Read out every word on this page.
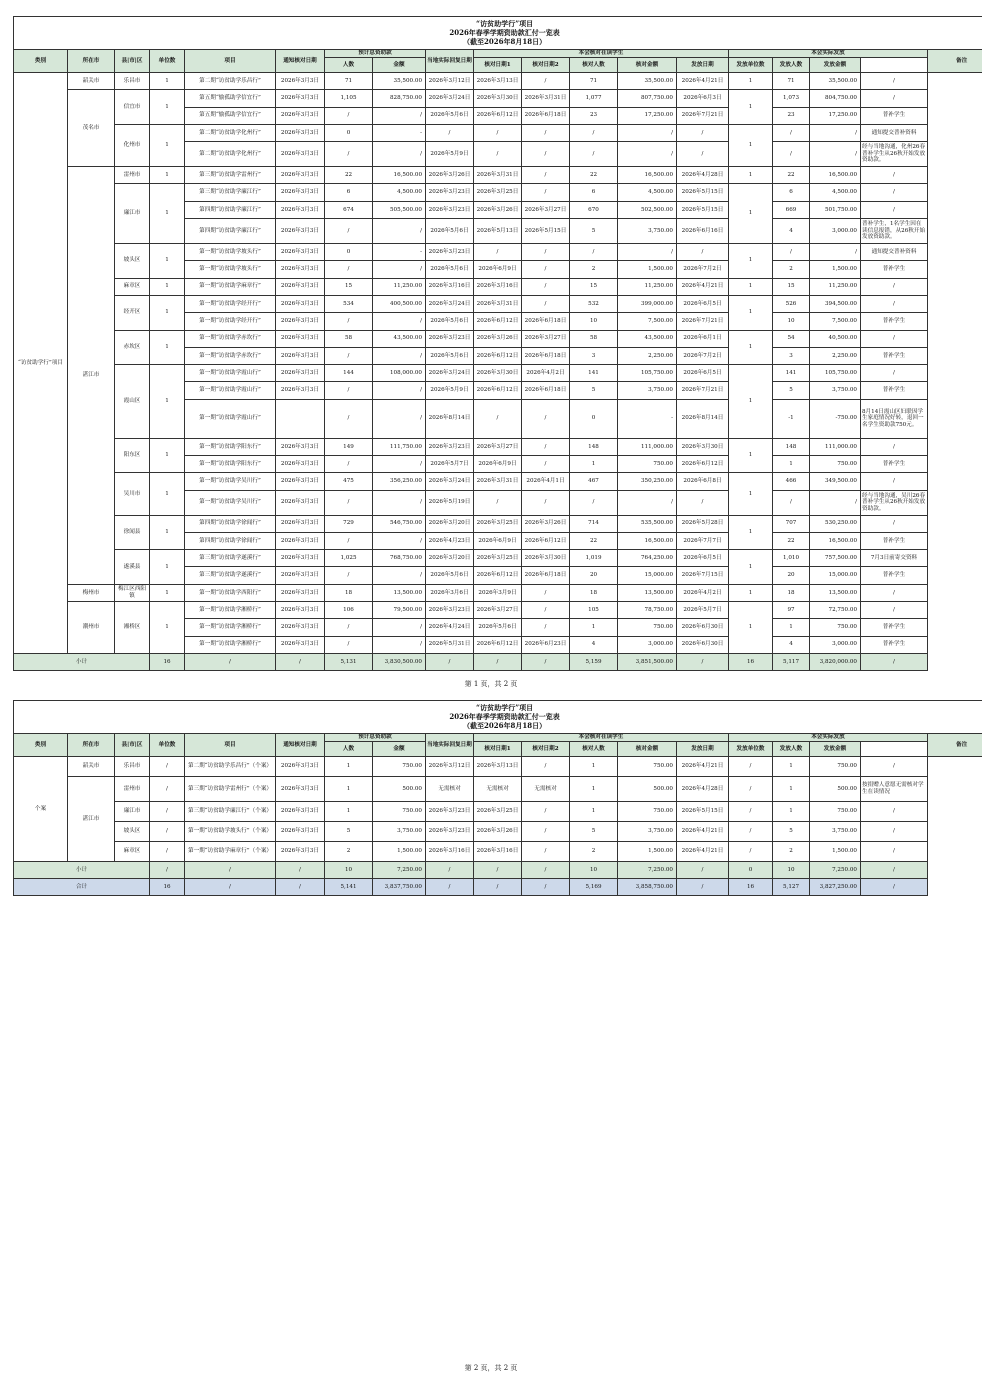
“访贫助学行”项目
2026年春季学期资助款汇付一览表
（截至2026年8月18日）																		

类别	所在市	县|市|区	单位数	项目	通知核对日期	预计总资助款		当地实际回复日期	本会核对在读学生					本会实际发放				备注
						人数	金额		核对日期1	核对日期2	核对人数	核对金额	发放日期	发放单位数	发放人数	发放金额		
“访贫助学行”项目	韶关市	乐昌市	1	第二期“访贫助学乐昌行”	2026年3月3日	71	35,500.00	2026年3月12日	2026年3月13日	/	71	35,500.00	2026年4月21日	1	71	35,500.00	/	
	茂名市	信宜市	1	第五期“愉孤助学信宜行”	2026年3月3日	1,105	828,750.00	2026年3月24日	2026年3月30日	2026年3月31日	1,077	807,750.00	2026年6月3日	1	1,073	804,750.00	/	
				第五期“愉孤助学信宜行”	2026年3月3日	/	/	2026年5月6日	2026年6月12日	2026年6月18日	23	17,250.00	2026年7月21日		23	17,250.00	普补学生	
		化州市	1	第二期“访贫助学化州行”	2026年3月3日	0	-	/	/	/	/	/	/	1	/	/	通知提交普补资料	
				第二期“访贫助学化州行”	2026年3月3日	/	/	2026年5月9日	/	/	/	/	/		/	/	经与当地沟通，化州26春普补学生从26秋开始发放资助款。	
	湛江市	雷州市	1	第三期“访贫助学雷州行”	2026年3月3日	22	16,500.00	2026年3月26日	2026年3月31日	/	22	16,500.00	2026年4月28日	1	22	16,500.00	/	
		廉江市	1	第三期“访贫助学廉江行”	2026年3月3日	6	4,500.00	2026年3月23日	2026年3月25日	/	6	4,500.00	2026年5月15日	1	6	4,500.00	/	
				第四期“访贫助学廉江行”	2026年3月3日	674	505,500.00	2026年3月23日	2026年3月26日	2026年3月27日	670	502,500.00	2026年5月15日		669	501,750.00	/	
				第四期“访贫助学廉江行”	2026年3月3日	/	/	2026年5月6日	2026年5月13日	2026年5月15日	5	3,750.00	2026年6月16日		4	3,000.00	普补学生，1名学生因在读信息报错，从26秋开始发放资助款。	
		坡头区	1	第一期“访贫助学坡头行”	2026年3月3日	0	-	2026年3月23日	/	/	/	/	/	1	/	/	通知提交普补资料	
				第一期“访贫助学坡头行”	2026年3月3日	/	/	2026年5月6日	2026年6月9日	/	2	1,500.00	2026年7月2日		2	1,500.00	普补学生	
		麻章区	1	第一期“访贫助学麻章行”	2026年3月3日	15	11,250.00	2026年3月16日	2026年3月16日	/	15	11,250.00	2026年4月21日	1	15	11,250.00	/	
		经开区	1	第一期“访贫助学经开行”	2026年3月3日	534	400,500.00	2026年3月24日	2026年3月31日	/	532	399,000.00	2026年6月5日	1	526	394,500.00	/	
				第一期“访贫助学经开行”	2026年3月3日	/	/	2026年5月6日	2026年6月12日	2026年6月18日	10	7,500.00	2026年7月21日		10	7,500.00	普补学生	
		赤坎区	1	第一期“访贫助学赤坎行”	2026年3月3日	58	43,500.00	2026年3月23日	2026年3月26日	2026年3月27日	58	43,500.00	2026年6月1日	1	54	40,500.00	/	
				第一期“访贫助学赤坎行”	2026年3月3日	/	/	2026年5月6日	2026年6月12日	2026年6月18日	3	2,250.00	2026年7月2日		3	2,250.00	普补学生	
		霞山区	1	第一期“访贫助学霞山行”	2026年3月3日	144	108,000.00	2026年3月24日	2026年3月30日	2026年4月2日	141	105,750.00	2026年6月5日	1	141	105,750.00	/	
				第一期“访贫助学霞山行”	2026年3月3日	/	/	2026年5月9日	2026年6月12日	2026年6月18日	5	3,750.00	2026年7月21日		5	3,750.00	普补学生	
				第一期“访贫助学霞山行”		/	/	2026年8月14日	/	/	0	-	2026年8月14日		-1	-750.00	8月14日霞山区妇联因学生家庭情况好转，退回一名学生资助款750元。	
		阳东区	1	第一期“访贫助学阳东行”	2026年3月3日	149	111,750.00	2026年3月23日	2026年3月27日	/	148	111,000.00	2026年3月30日	1	148	111,000.00	/	
				第一期“访贫助学阳东行”	2026年3月3日	/	/	2026年5月7日	2026年6月9日	/	1	750.00	2026年6月12日		1	750.00	普补学生	
		吴川市	1	第一期“访贫助学吴川行”	2026年3月3日	475	356,250.00	2026年3月24日	2026年3月31日	2026年4月1日	467	350,250.00	2026年6月8日	1	466	349,500.00	/	
				第一期“访贫助学吴川行”	2026年3月3日	/	/	2026年5月19日	/	/	/	/	/		/	/	经与当地沟通，吴川26春普补学生从26秋开始发放资助款。	
		徐闻县	1	第四期“访贫助学徐闻行”	2026年3月3日	729	546,750.00	2026年3月20日	2026年3月25日	2026年3月26日	714	535,500.00	2026年5月28日	1	707	530,250.00	/	
				第四期“访贫助学徐闻行”	2026年3月3日	/	/	2026年4月23日	2026年6月9日	2026年6月12日	22	16,500.00	2026年7月7日		22	16,500.00	普补学生	
		遂溪县	1	第三期“访贫助学遂溪行”	2026年3月3日	1,025	768,750.00	2026年3月20日	2026年3月25日	2026年3月30日	1,019	764,250.00	2026年6月5日	1	1,010	757,500.00	7月3日前寄交资料	
				第三期“访贫助学遂溪行”	2026年3月3日	/	/	2026年5月6日	2026年6月12日	2026年6月18日	20	15,000.00	2026年7月15日		20	15,000.00	普补学生	
	梅州市	梅江区西阳镇	1	第一期“访贫助学西阳行”	2026年3月3日	18	13,500.00	2026年3月6日	2026年3月9日	/	18	13,500.00	2026年4月2日	1	18	13,500.00	/	
	潮州市	湘桥区	1	第一期“访贫助学湘桥行”	2026年3月3日	106	79,500.00	2026年3月23日	2026年3月27日	/	105	78,750.00	2026年5月7日	1	97	72,750.00	/	
				第一期“访贫助学湘桥行”	2026年3月3日	/	/	2026年4月24日	2026年5月6日	/	1	750.00	2026年6月30日		1	750.00	普补学生	
				第一期“访贫助学湘桥行”	2026年3月3日	/	/	2026年5月31日	2026年6月12日	2026年6月23日	4	3,000.00	2026年6月30日		4	3,000.00	普补学生	
小计			16	/	/	5,131	3,830,500.00	/	/	/	5,159	3,851,500.00	/	16	5,117	3,820,000.00	/	
第 1 页，共 2 页
“访贫助学行”项目
2026年春季学期资助款汇付一览表
（截至2026年8月18日）																		

类别	所在市	县|市|区	单位数	项目	通知核对日期	预计总资助款		当地实际回复日期	本会核对在读学生					本会实际发放				备注
						人数	金额		核对日期1	核对日期2	核对人数	核对金额	发放日期	发放单位数	发放人数	发放金额		
个案	韶关市	乐昌市	/	第二期“访贫助学乐昌行”（个案）	2026年3月3日	1	750.00	2026年3月12日	2026年3月13日	/	1	750.00	2026年4月21日	/	1	750.00	/	
	湛江市	雷州市	/	第三期“访贫助学雷州行”（个案）	2026年3月3日	1	500.00	无需核对	无需核对	无需核对	1	500.00	2026年4月28日	/	1	500.00	按捐赠人意愿无需核对学生在读情况	
		廉江市	/	第三期“访贫助学廉江行”（个案）	2026年3月3日	1	750.00	2026年3月23日	2026年3月25日	/	1	750.00	2026年5月15日	/	1	750.00	/	
		坡头区	/	第一期“访贫助学坡头行”（个案）	2026年3月3日	5	3,750.00	2026年3月23日	2026年3月26日	/	5	3,750.00	2026年4月21日	/	5	3,750.00	/	
		麻章区	/	第一期“访贫助学麻章行”（个案）	2026年3月3日	2	1,500.00	2026年3月16日	2026年3月16日	/	2	1,500.00	2026年4月21日	/	2	1,500.00	/	
小计			/	/	/	10	7,250.00	/	/	/	10	7,250.00	/	0	10	7,250.00	/	
合计			16	/	/	5,141	3,837,750.00	/	/	/	5,169	3,858,750.00	/	16	5,127	3,827,250.00	/	
第 2 页，共 2 页
